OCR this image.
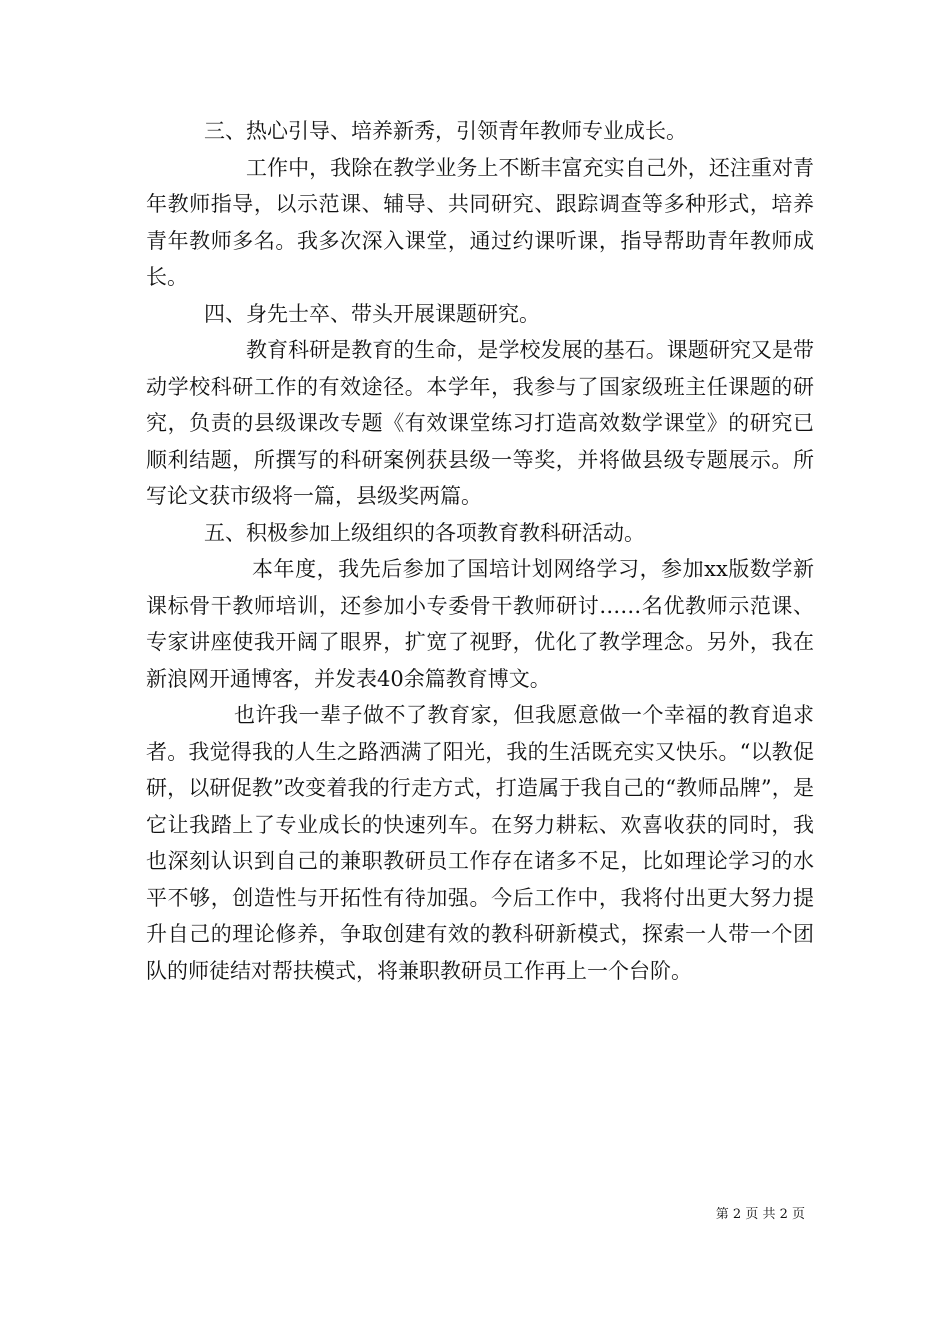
三、热心引导、培养新秀，引领青年教师专业成长。

工作中，我除在教学业务上不断丰富充实自己外，还注重对青年教师指导，以示范课、辅导、共同研究、跟踪调查等多种形式，培养青年教师多名。我多次深入课堂，通过约课听课，指导帮助青年教师成长。

四、身先士卒、带头开展课题研究。

教育科研是教育的生命，是学校发展的基石。课题研究又是带动学校科研工作的有效途径。本学年，我参与了国家级班主任课题的研究，负责的县级课改专题《有效课堂练习打造高效数学课堂》的研究已顺利结题，所撰写的科研案例获县级一等奖，并将做县级专题展示。所写论文获市级将一篇，县级奖两篇。

五、积极参加上级组织的各项教育教科研活动。

本年度，我先后参加了国培计划网络学习，参加xx版数学新课标骨干教师培训，还参加小专委骨干教师研讨……名优教师示范课、专家讲座使我开阔了眼界，扩宽了视野，优化了教学理念。另外，我在新浪网开通博客，并发表40余篇教育博文。

也许我一辈子做不了教育家，但我愿意做一个幸福的教育追求者。我觉得我的人生之路洒满了阳光，我的生活既充实又快乐。“以教促研，以研促教”改变着我的行走方式，打造属于我自己的“教师品牌”，是它让我踏上了专业成长的快速列车。在努力耕耘、欢喜收获的同时，我也深刻认识到自己的兼职教研员工作存在诸多不足，比如理论学习的水平不够，创造性与开拓性有待加强。今后工作中，我将付出更大努力提升自己的理论修养，争取创建有效的教科研新模式，探索一人带一个团队的师徒结对帮扶模式，将兼职教研员工作再上一个台阶。

第 2 页 共 2 页
